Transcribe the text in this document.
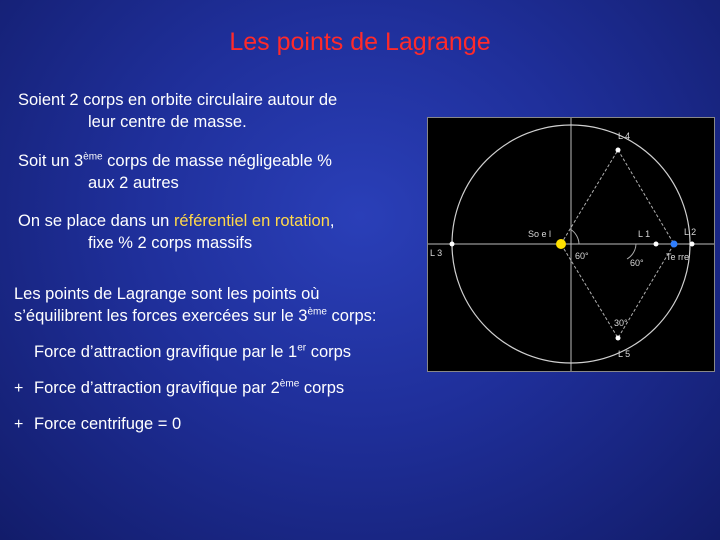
Les points de Lagrange
Soient 2 corps en orbite circulaire autour de
leur centre de masse.
Soit un 3ème corps de masse négligeable %
aux 2 autres
On se place dans un référentiel en rotation,
fixe % 2 corps massifs
Les points de Lagrange sont les points où
s’équilibrent les forces exercées sur le 3ème corps:
Force d’attraction gravifique par le 1er corps
+ Force d’attraction gravifique par 2ème corps
+ Force centrifuge = 0
L 4
L 5
L 3
L 1	L 2
So e l
Te rre
60°
60°
30°
